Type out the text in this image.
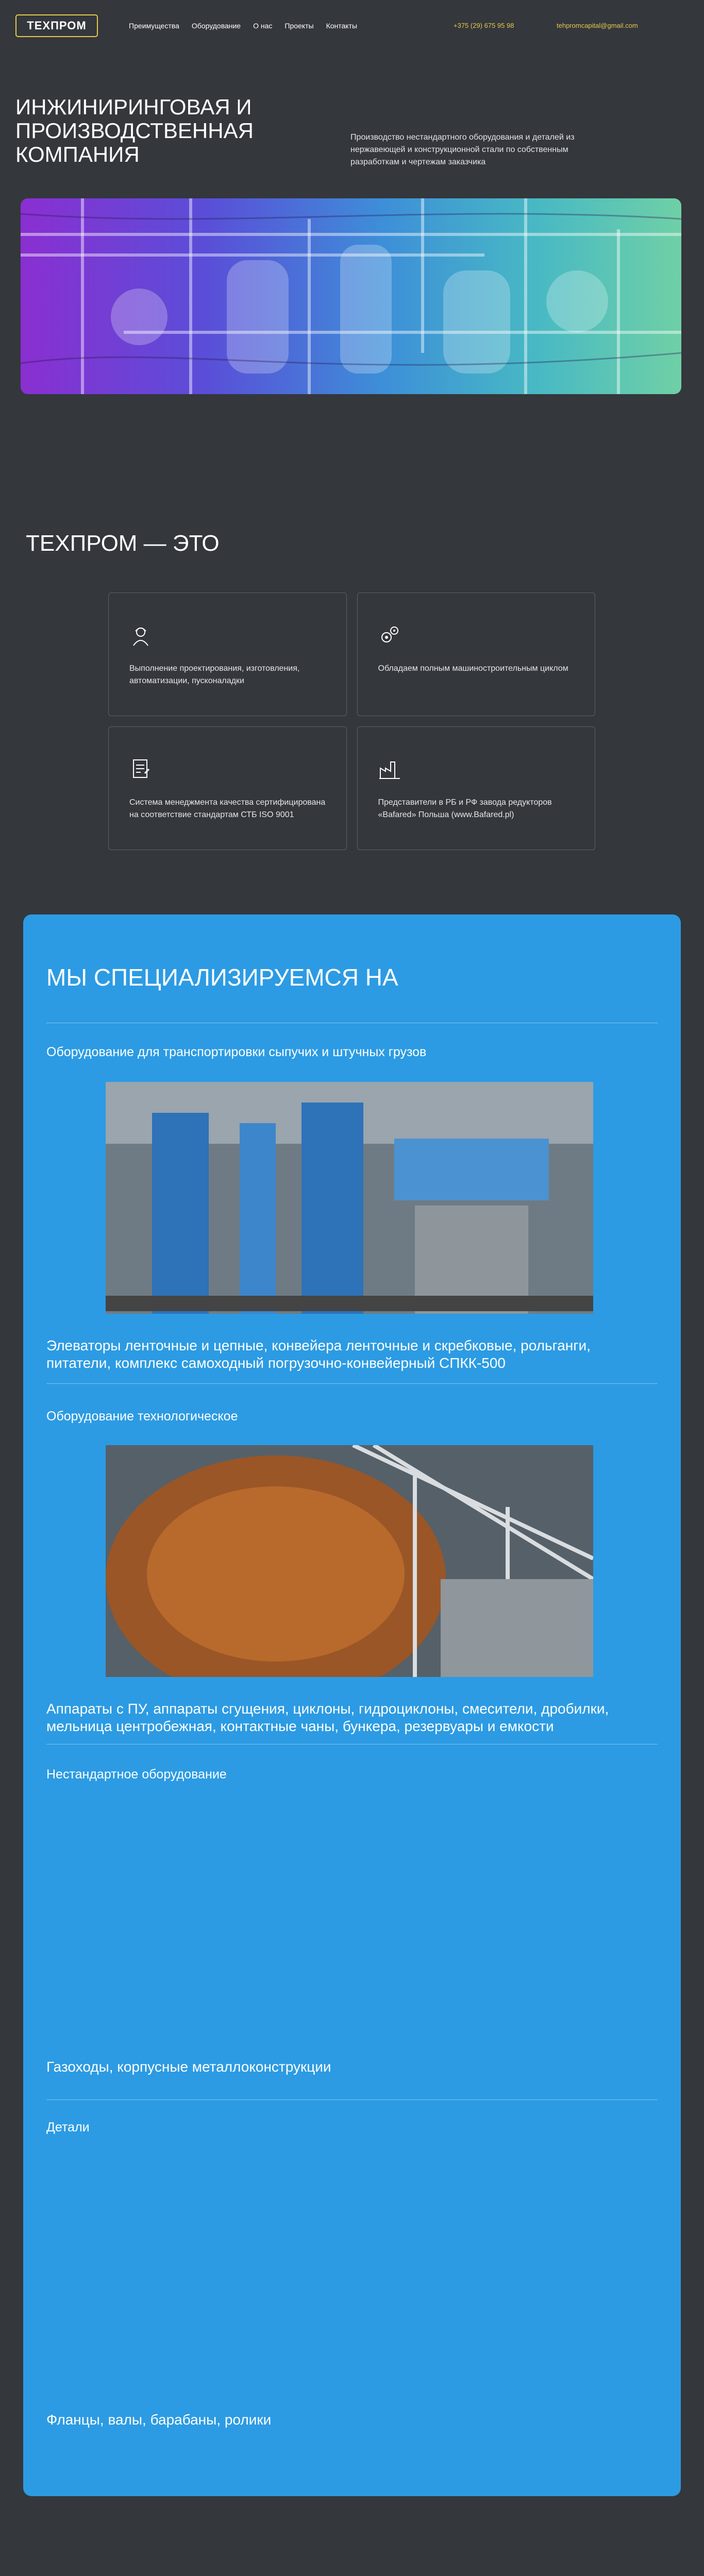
ТЕХПРОМ	Преимущества Оборудование О нас Проекты Контакты	+375 (29) 675 95 98	tehpromcapital@gmail.com
ИНЖИНИРИНГОВАЯ И ПРОИЗВОДСТВЕННАЯ КОМПАНИЯ

Производство нестандартного оборудования и деталей из нержавеющей и конструкционной стали по собственным разработкам и чертежам заказчика

ТЕХПРОМ — ЭТО

Выполнение проектирования, изготовления, автоматизации, пусконаладки

Обладаем полным машиностроительным циклом

Система менеджмента качества сертифицирована на соответствие стандартам СТБ ISO 9001

Представители в РБ и РФ завода редукторов «Bafared» Польша (www.Bafared.pl)

МЫ СПЕЦИАЛИЗИРУЕМСЯ НА
Оборудование для транспортировки сыпучих и штучных грузов
Элеваторы ленточные и цепные, конвейера ленточные и скребковые, рольганги, питатели, комплекс самоходный погрузочно-конвейерный СПКК-500
Оборудование технологическое
Аппараты с ПУ, аппараты сгущения, циклоны, гидроциклоны, смесители, дробилки, мельница центробежная, контактные чаны, бункера, резервуары и емкости
Нестандартное оборудование
Газоходы, корпусные металлоконструкции
Детали
Фланцы, валы, барабаны, ролики
